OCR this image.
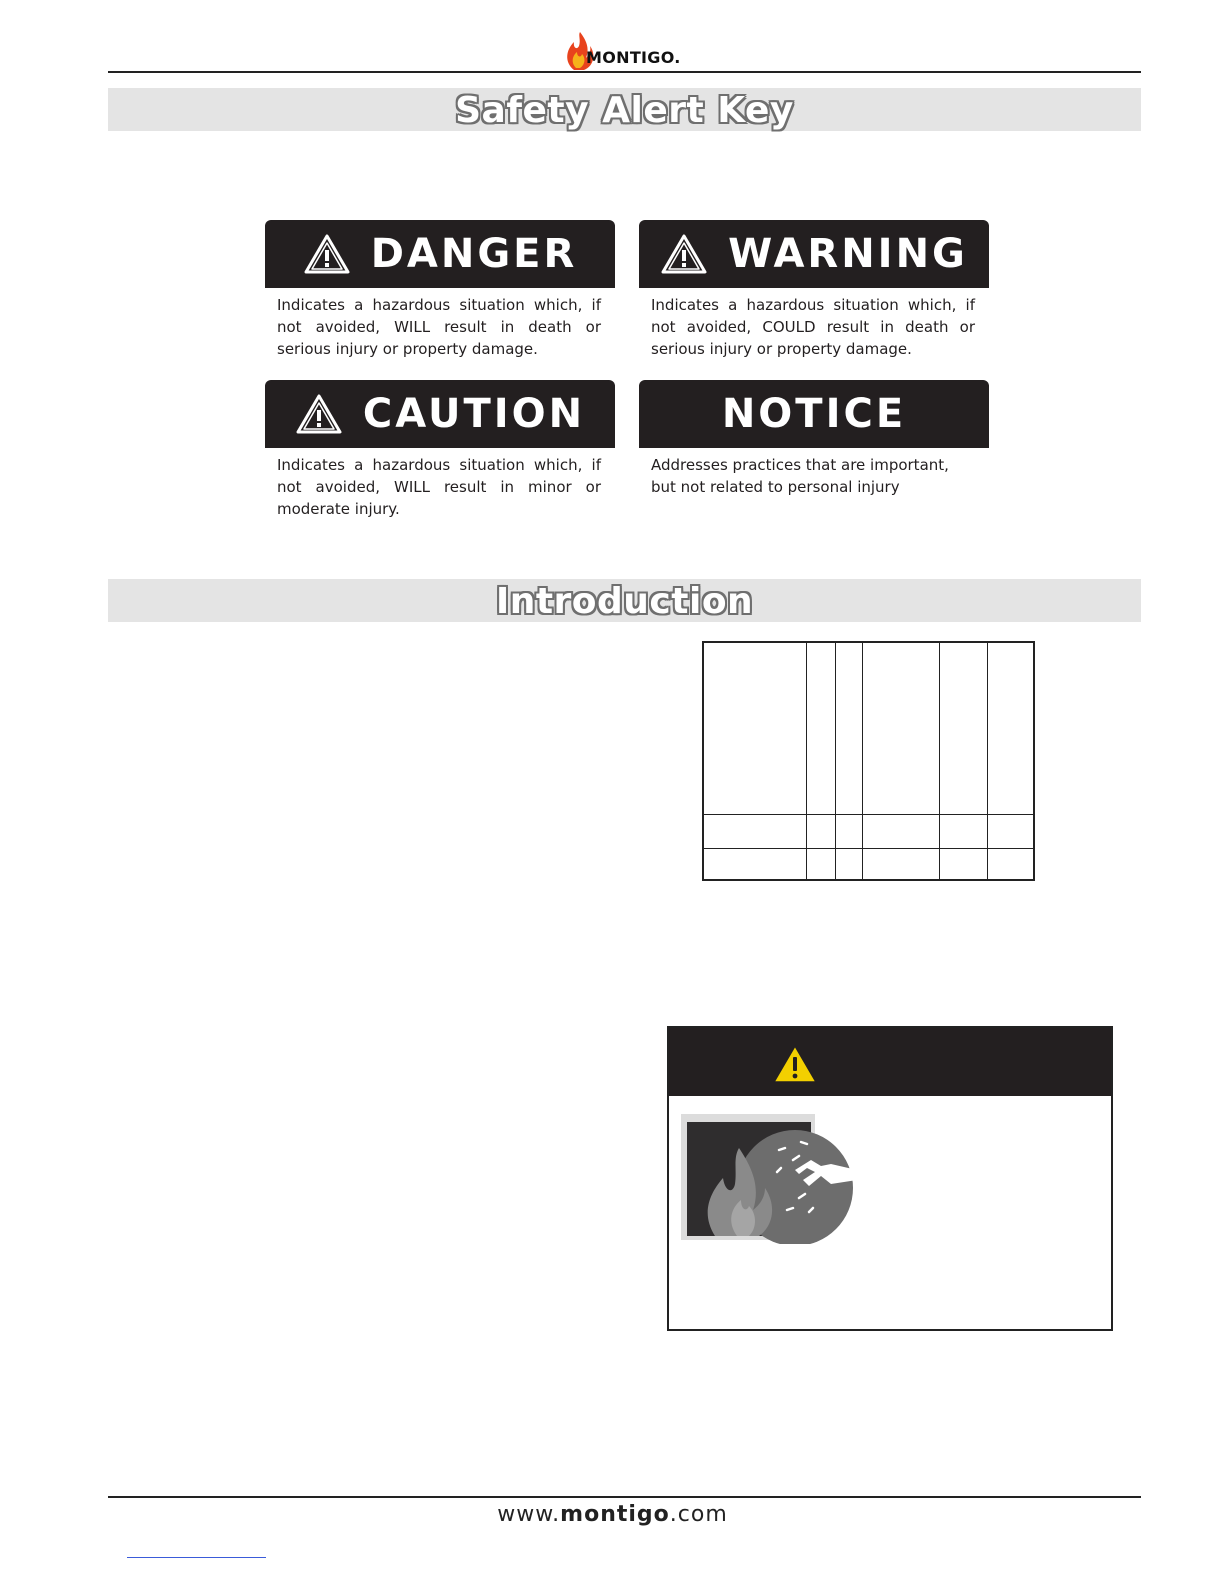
MONTIGO.
Safety Alert Key
DANGER
Indicates a hazardous situation which, if not avoided, WILL result in death or serious injury or property damage.
WARNING
Indicates a hazardous situation which, if not avoided, COULD result in death or serious injury or property damage.
CAUTION
Indicates a hazardous situation which, if not avoided, WILL result in minor or moderate injury.
NOTICE
Addresses practices that are important, but not related to personal injury
Introduction
www.montigo.com
